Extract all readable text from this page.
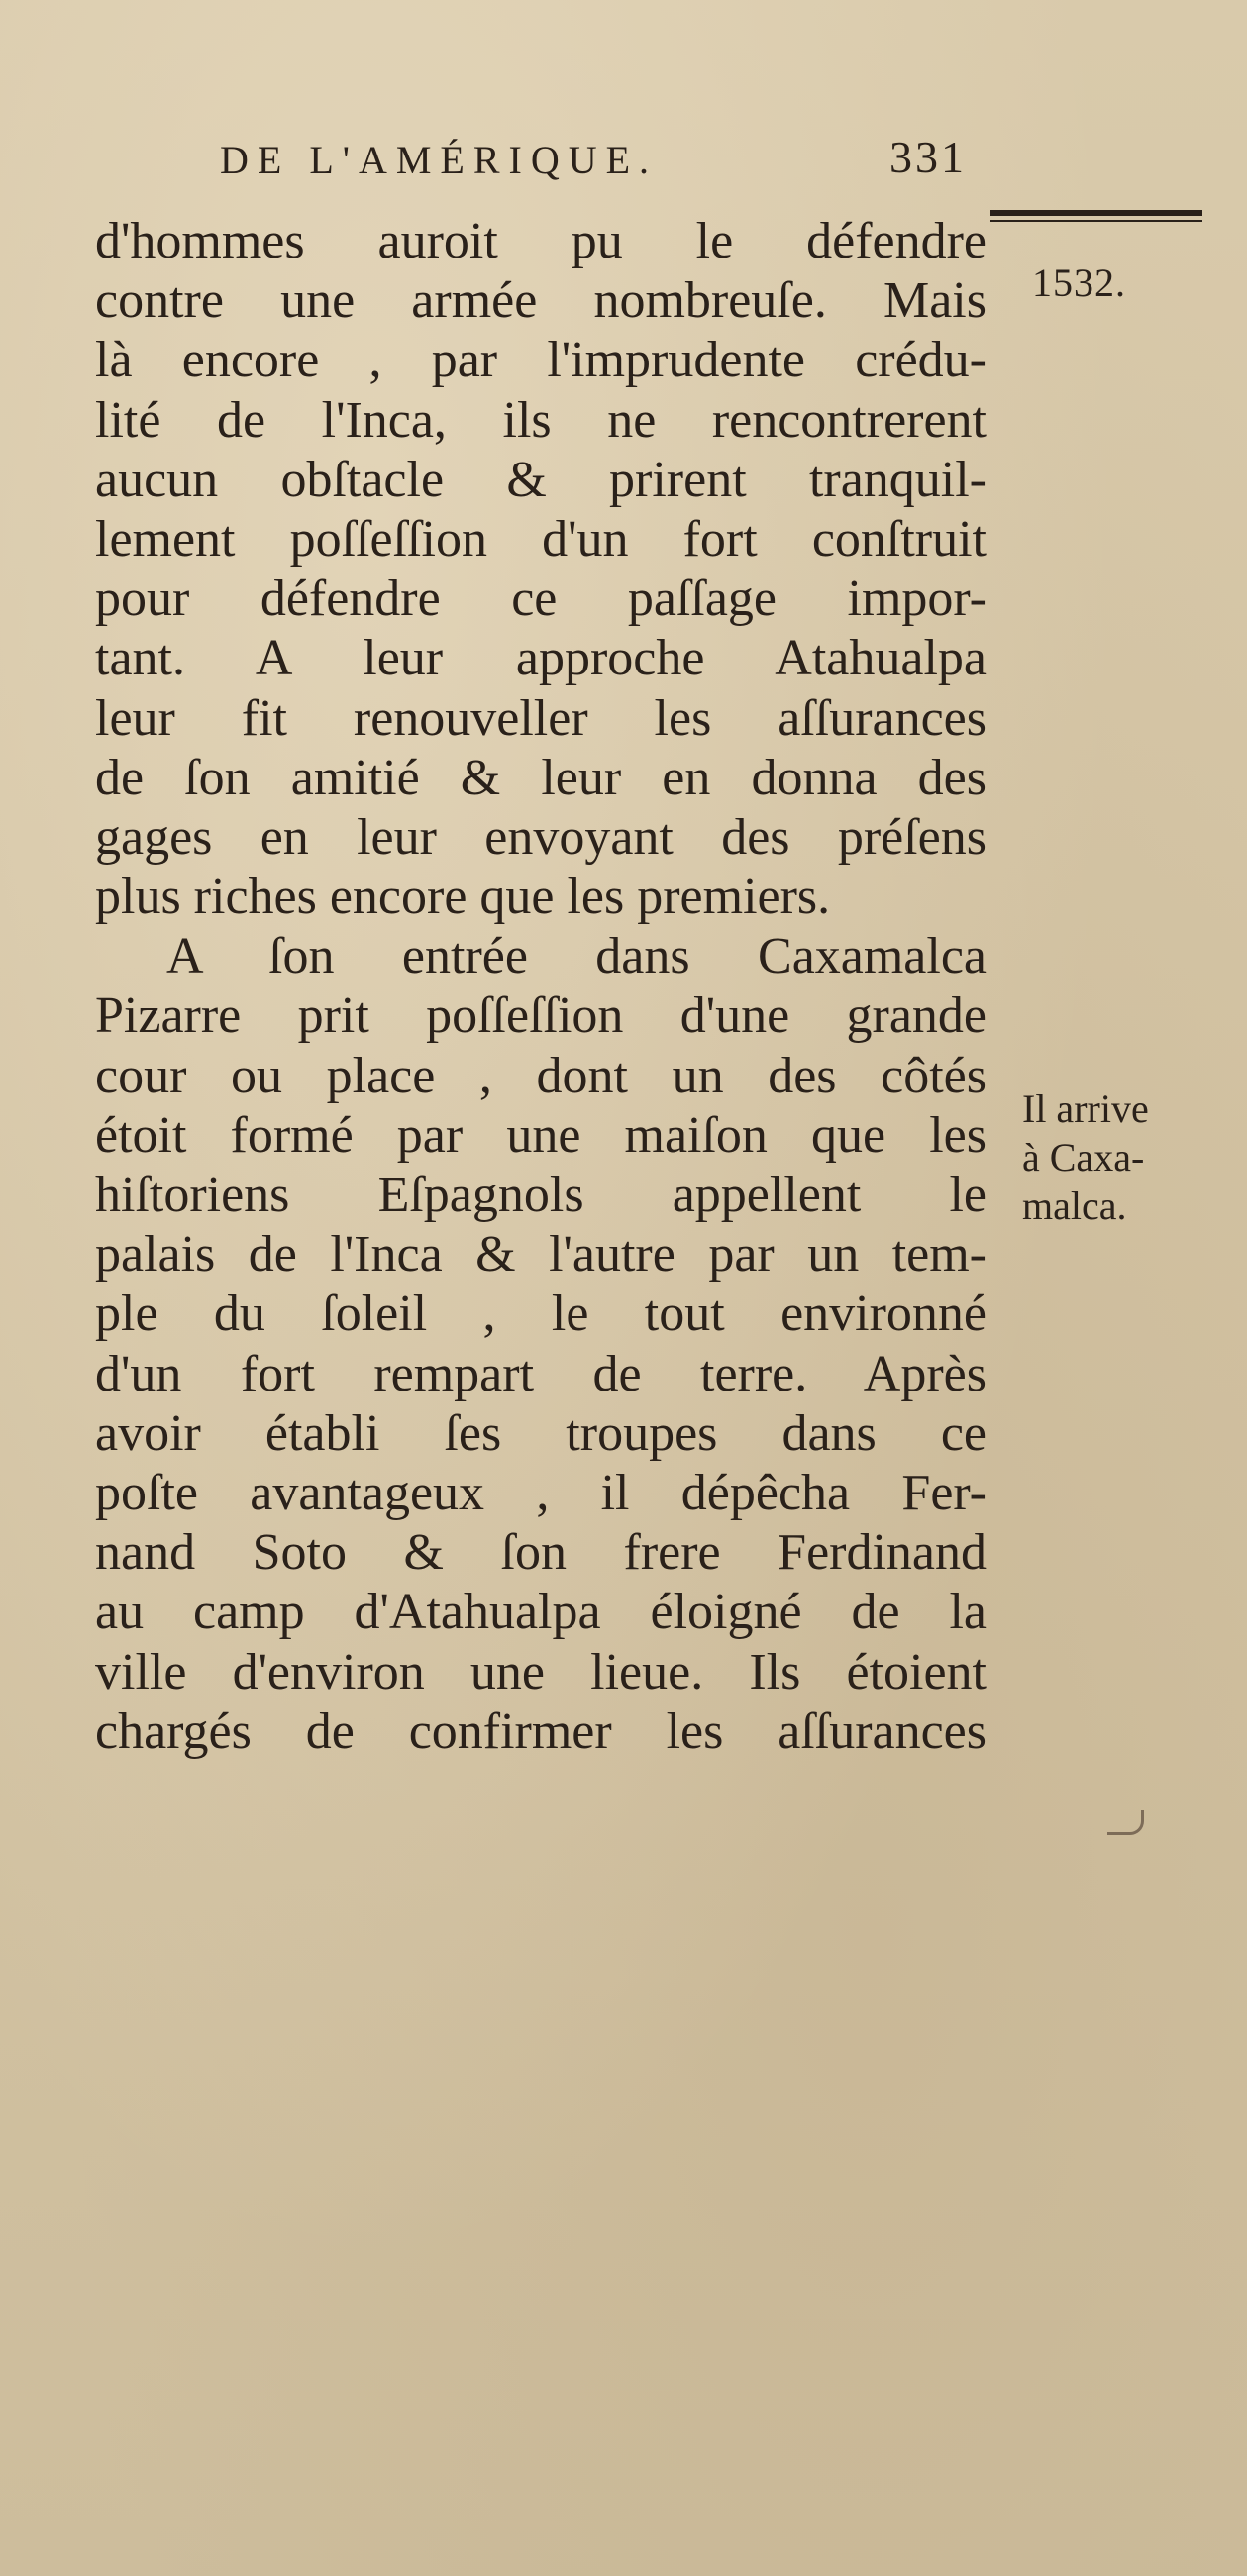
DE L'AMÉRIQUE.	331
1532.
d'hommes auroit pu le défendre
contre une armée nombreuſe. Mais
là encore , par l'imprudente crédu-
lité de l'Inca, ils ne rencontrerent
aucun obſtacle & prirent tranquil-
lement poſſeſſion d'un fort conſtruit
pour défendre ce paſſage impor-
tant. A leur approche Atahualpa
leur fit renouveller les aſſurances
de ſon amitié & leur en donna des
gages en leur envoyant des préſens
plus riches encore que les premiers.
A ſon entrée dans Caxamalca
Pizarre prit poſſeſſion d'une grande
cour ou place , dont un des côtés
étoit formé par une maiſon que les
hiſtoriens Eſpagnols appellent le
palais de l'Inca & l'autre par un tem-
ple du ſoleil , le tout environné
d'un fort rempart de terre. Après
avoir établi ſes troupes dans ce
poſte avantageux , il dépêcha Fer-
nand Soto & ſon frere Ferdinand
au camp d'Atahualpa éloigné de la
ville d'environ une lieue. Ils étoient
chargés de confirmer les aſſurances
Il arrive
à Caxa-
malca.
